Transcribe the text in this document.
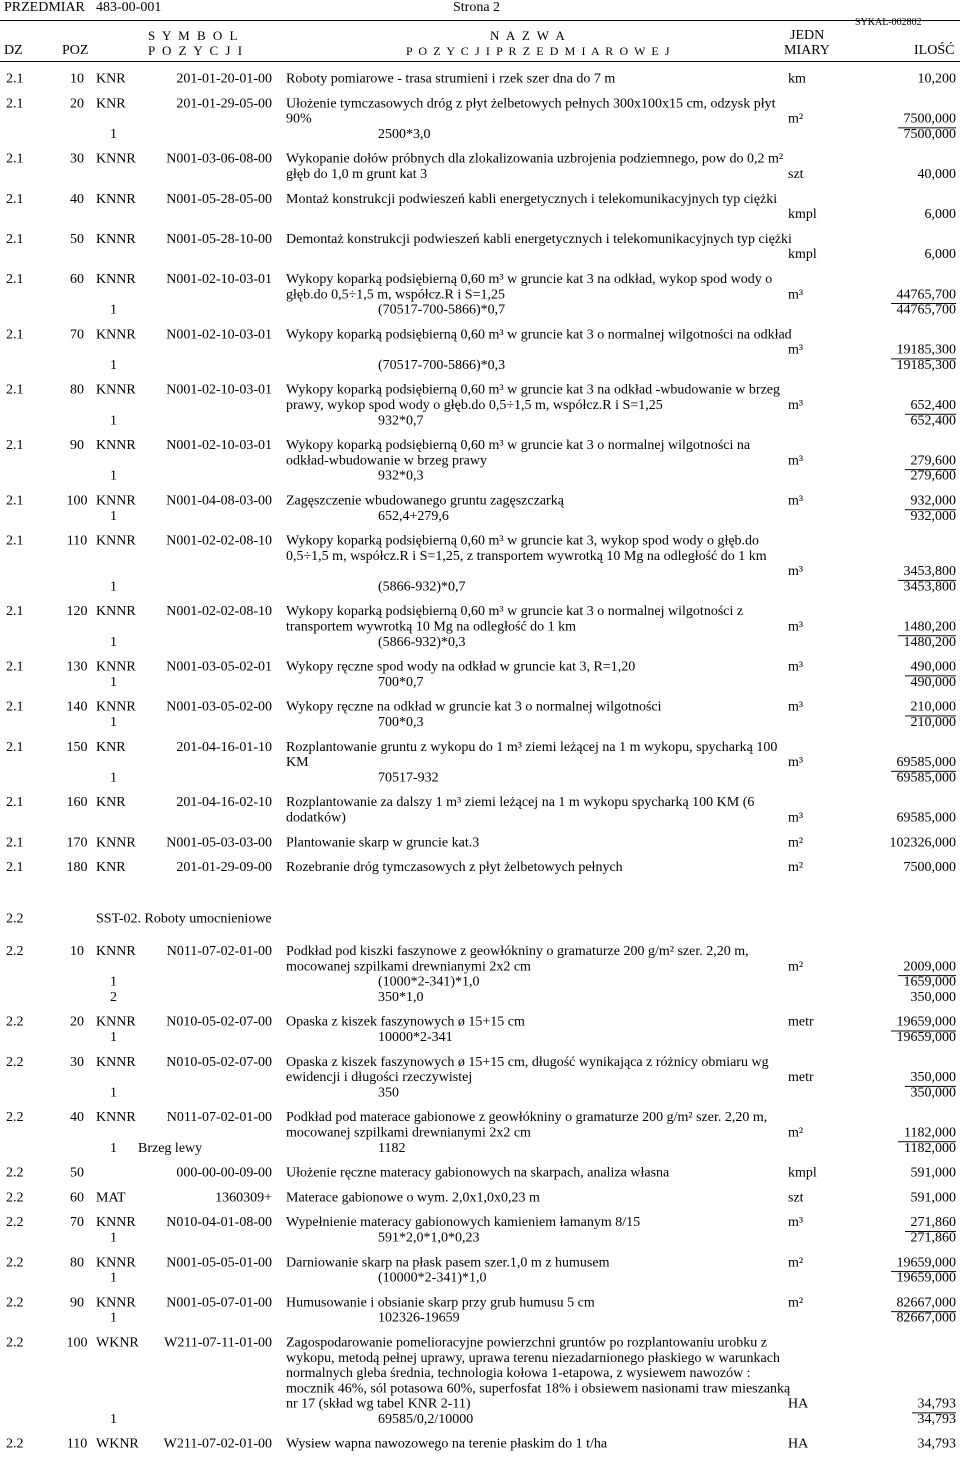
PRZEDMIAR 483-00-001	Strona 2
SYKAL-002802
S Y M B O L
P O Z Y C J I
N A Z W A
P O Z Y C J I P R Z E D M I A R O W E J
JEDN
MIARY
DZ	POZ	ILOŚĆ
2.1	10 KNR	201-01-20-01-00 Roboty pomiarowe - trasa strumieni i rzek szer dna do 7 m	km	10,200
2.1	20 KNR	201-01-29-05-00 Ułożenie tymczasowych dróg z płyt żelbetowych pełnych 300x100x15 cm, odzysk płyt 90%	m²	7500,000
1	2500*3,0	7500,000
2.1	30 KNNR	N001-03-06-08-00 Wykopanie dołów próbnych dla zlokalizowania uzbrojenia podziemnego, pow do 0,2 m² głęb do 1,0 m grunt kat 3	szt	40,000
2.1	40 KNNR	N001-05-28-05-00 Montaż konstrukcji podwieszeń kabli energetycznych i telekomunikacyjnych typ ciężki
kmpl	6,000
2.1	50 KNNR	N001-05-28-10-00 Demontaż konstrukcji podwieszeń kabli energetycznych i telekomunikacyjnych typ ciężki
kmpl	6,000
2.1	60 KNNR	N001-02-10-03-01 Wykopy koparką podsiębierną 0,60 m³ w gruncie kat 3 na odkład, wykop spod wody o głęb.do 0,5÷1,5 m, współcz.R i S=1,25	m³	44765,700
1	(70517-700-5866)*0,7	44765,700
2.1	70 KNNR	N001-02-10-03-01 Wykopy koparką podsiębierną 0,60 m³ w gruncie kat 3 o normalnej wilgotności na odkład
m³	19185,300
1	(70517-700-5866)*0,3	19185,300
2.1	80 KNNR	N001-02-10-03-01 Wykopy koparką podsiębierną 0,60 m³ w gruncie kat 3 na odkład -wbudowanie w brzeg prawy, wykop spod wody o głęb.do 0,5÷1,5 m, współcz.R i S=1,25	m³	652,400
1	932*0,7	652,400
2.1	90 KNNR	N001-02-10-03-01 Wykopy koparką podsiębierną 0,60 m³ w gruncie kat 3 o normalnej wilgotności na odkład-wbudowanie w brzeg prawy	m³	279,600
1	932*0,3	279,600
2.1	100 KNNR	N001-04-08-03-00 Zagęszczenie wbudowanego gruntu zagęszczarką	m³	932,000
1	652,4+279,6	932,000
2.1	110 KNNR	N001-02-02-08-10 Wykopy koparką podsiębierną 0,60 m³ w gruncie kat 3, wykop spod wody o głęb.do 0,5÷1,5 m, współcz.R i S=1,25, z transportem wywrotką 10 Mg na odległość do 1 km
m³	3453,800
1	(5866-932)*0,7	3453,800
2.1	120 KNNR	N001-02-02-08-10 Wykopy koparką podsiębierną 0,60 m³ w gruncie kat 3 o normalnej wilgotności z transportem wywrotką 10 Mg na odległość do 1 km	m³	1480,200
1	(5866-932)*0,3	1480,200
2.1	130 KNNR	N001-03-05-02-01 Wykopy ręczne spod wody na odkład w gruncie kat 3, R=1,20	m³	490,000
1	700*0,7	490,000
2.1	140 KNNR	N001-03-05-02-00 Wykopy ręczne na odkład w gruncie kat 3 o normalnej wilgotności	m³	210,000
1	700*0,3	210,000
2.1	150 KNR	201-04-16-01-10 Rozplantowanie gruntu z wykopu do 1 m³ ziemi leżącej na 1 m wykopu, spycharką 100 KM	m³	69585,000
1	70517-932	69585,000
2.1	160 KNR	201-04-16-02-10 Rozplantowanie za dalszy 1 m³ ziemi leżącej na 1 m wykopu spycharką 100 KM (6 dodatków)	m³	69585,000
2.1	170 KNNR	N001-05-03-03-00 Plantowanie skarp w gruncie kat.3	m²	102326,000
2.1	180 KNR	201-01-29-09-00 Rozebranie dróg tymczasowych z płyt żelbetowych pełnych	m²	7500,000
2.2	SST-02. Roboty umocnieniowe
2.2	10 KNNR	N011-07-02-01-00 Podkład pod kiszki faszynowe z geowłókniny o gramaturze 200 g/m² szer. 2,20 m, mocowanej szpilkami drewnianymi 2x2 cm	m²	2009,000
1	(1000*2-341)*1,0	1659,000
2	350*1,0	350,000
2.2	20 KNNR	N010-05-02-07-00 Opaska z kiszek faszynowych ø 15+15 cm	metr	19659,000
1	10000*2-341	19659,000
2.2	30 KNNR	N010-05-02-07-00 Opaska z kiszek faszynowych ø 15+15 cm, długość wynikająca z różnicy obmiaru wg ewidencji i długości rzeczywistej	metr	350,000
1	350	350,000
2.2	40 KNNR	N011-07-02-01-00 Podkład pod materace gabionowe z geowłókniny o gramaturze 200 g/m² szer. 2,20 m, mocowanej szpilkami drewnianymi 2x2 cm	m²	1182,000
1 Brzeg lewy	1182	1182,000
2.2	50	000-00-00-09-00 Ułożenie ręczne materacy gabionowych na skarpach, analiza własna	kmpl	591,000
2.2	60 MAT	1360309+ Materace gabionowe o wym. 2,0x1,0x0,23 m	szt	591,000
2.2	70 KNNR	N010-04-01-08-00 Wypełnienie materacy gabionowych kamieniem łamanym 8/15	m³	271,860
1	591*2,0*1,0*0,23	271,860
2.2	80 KNNR	N001-05-05-01-00 Darniowanie skarp na płask pasem szer.1,0 m z humusem	m²	19659,000
1	(10000*2-341)*1,0	19659,000
2.2	90 KNNR	N001-05-07-01-00 Humusowanie i obsianie skarp przy grub humusu 5 cm	m²	82667,000
1	102326-19659	82667,000
2.2	100 WKNR	W211-07-11-01-00 Zagospodarowanie pomelioracyjne powierzchni gruntów po rozplantowaniu urobku z wykopu, metodą pełnej uprawy, uprawa terenu niezadarnionego płaskiego w warunkach normalnych gleba średnia, technologia kołowa 1-etapowa, z wysiewem nawozów : mocznik 46%, sól potasowa 60%, superfosfat 18% i obsiewem nasionami traw mieszanką nr 17 (skład wg tabel KNR 2-11)	HA	34,793
1	69585/0,2/10000	34,793
2.2	110 WKNR	W211-07-02-01-00 Wysiew wapna nawozowego na terenie płaskim do 1 t/ha	HA	34,793
